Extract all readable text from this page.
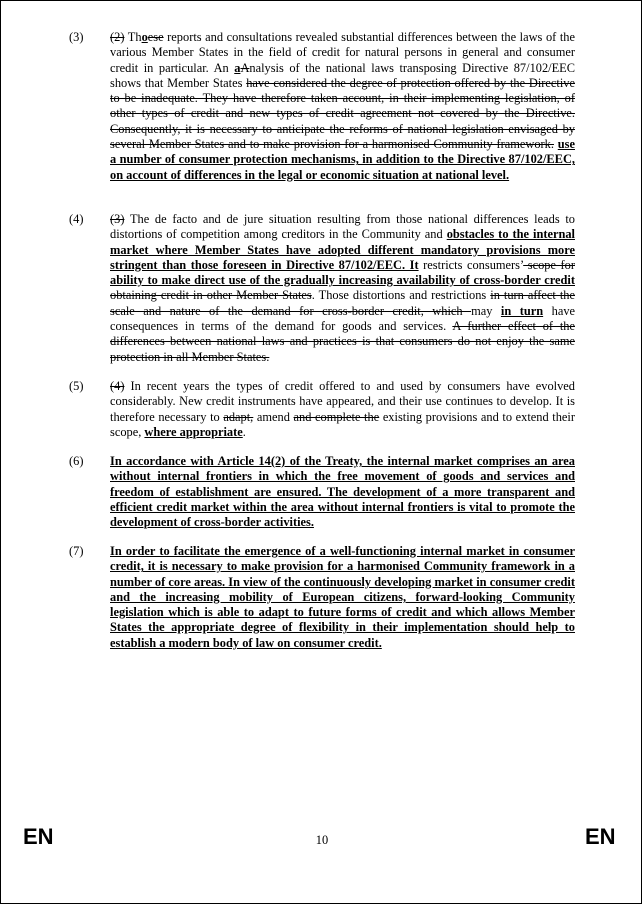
(3) (2) Thoese reports and consultations revealed substantial differences between the laws of the various Member States in the field of credit for natural persons in general and consumer credit in particular. An aAnalysis of the national laws transposing Directive 87/102/EEC shows that Member States have considered the degree of protection offered by the Directive to be inadequate. They have therefore taken account, in their implementing legislation, of other types of credit and new types of credit agreement not covered by the Directive. Consequently, it is necessary to anticipate the reforms of national legislation envisaged by several Member States and to make provision for a harmonised Community framework. use a number of consumer protection mechanisms, in addition to the Directive 87/102/EEC, on account of differences in the legal or economic situation at national level.
(4) (3) The de facto and de jure situation resulting from those national differences leads to distortions of competition among creditors in the Community and obstacles to the internal market where Member States have adopted different mandatory provisions more stringent than those foreseen in Directive 87/102/EEC. It restricts consumers’ scope for ability to make direct use of the gradually increasing availability of cross-border credit obtaining credit in other Member States. Those distortions and restrictions in turn affect the scale and nature of the demand for cross-border credit, which may in turn have consequences in terms of the demand for goods and services. A further effect of the differences between national laws and practices is that consumers do not enjoy the same protection in all Member States.
(5) (4) In recent years the types of credit offered to and used by consumers have evolved considerably. New credit instruments have appeared, and their use continues to develop. It is therefore necessary to adapt, amend and complete the existing provisions and to extend their scope, where appropriate.
(6) In accordance with Article 14(2) of the Treaty, the internal market comprises an area without internal frontiers in which the free movement of goods and services and freedom of establishment are ensured. The development of a more transparent and efficient credit market within the area without internal frontiers is vital to promote the development of cross-border activities.
(7) In order to facilitate the emergence of a well-functioning internal market in consumer credit, it is necessary to make provision for a harmonised Community framework in a number of core areas. In view of the continuously developing market in consumer credit and the increasing mobility of European citizens, forward-looking Community legislation which is able to adapt to future forms of credit and which allows Member States the appropriate degree of flexibility in their implementation should help to establish a modern body of law on consumer credit.
EN	10	EN
